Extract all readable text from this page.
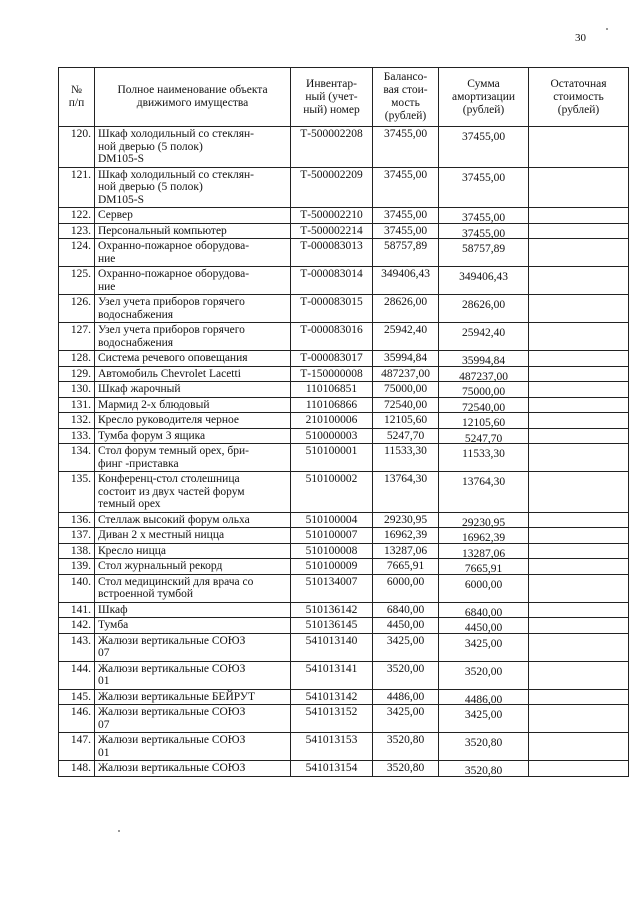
30
№
п/п	Полное наименование объекта
движимого имущества	Инвентар-
ный (учет-
ный) номер	Балансо-
вая стои-
мость
(рублей)	Сумма
амортизации
(рублей)	Остаточная
стоимость
(рублей)
120.	Шкаф холодильный со стеклян-
ной дверью (5 полок)
DM105-S	Т-500002208	37455,00	37455,00	
121.	Шкаф холодильный со стеклян-
ной дверью (5 полок)
DM105-S	Т-500002209	37455,00	37455,00	
122.	Сервер	Т-500002210	37455,00	37455,00	
123.	Персональный компьютер	Т-500002214	37455,00	37455,00	
124.	Охранно-пожарное оборудова-
ние	Т-000083013	58757,89	58757,89	
125.	Охранно-пожарное оборудова-
ние	Т-000083014	349406,43	349406,43	
126.	Узел учета приборов горячего
водоснабжения	Т-000083015	28626,00	28626,00	
127.	Узел учета приборов горячего
водоснабжения	Т-000083016	25942,40	25942,40	
128.	Система речевого оповещания	Т-000083017	35994,84	35994,84	
129.	Автомобиль Chevrolet Lacetti	Т-150000008	487237,00	487237,00	
130.	Шкаф жарочный	110106851	75000,00	75000,00	
131.	Мармид 2-х блюдовый	110106866	72540,00	72540,00	
132.	Кресло руководителя черное	210100006	12105,60	12105,60	
133.	Тумба форум 3 ящика	510000003	5247,70	5247,70	
134.	Стол форум темный орех, бри-
финг -приставка	510100001	11533,30	11533,30	
135.	Конференц-стол столешница
состоит из двух частей форум
темный орех	510100002	13764,30	13764,30	
136.	Стеллаж высокий форум ольха	510100004	29230,95	29230,95	
137.	Диван 2 х местный ницца	510100007	16962,39	16962,39	
138.	Кресло ницца	510100008	13287,06	13287,06	
139.	Стол журнальный рекорд	510100009	7665,91	7665,91	
140.	Стол медицинский для врача со
встроенной тумбой	510134007	6000,00	6000,00	
141.	Шкаф	510136142	6840,00	6840,00	
142.	Тумба	510136145	4450,00	4450,00	
143.	Жалюзи вертикальные СОЮЗ
07	541013140	3425,00	3425,00	
144.	Жалюзи вертикальные СОЮЗ
01	541013141	3520,00	3520,00	
145.	Жалюзи вертикальные БЕЙРУТ	541013142	4486,00	4486,00	
146.	Жалюзи вертикальные СОЮЗ
07	541013152	3425,00	3425,00	
147.	Жалюзи вертикальные СОЮЗ
01	541013153	3520,80	3520,80	
148.	Жалюзи вертикальные СОЮЗ	541013154	3520,80	3520,80	
